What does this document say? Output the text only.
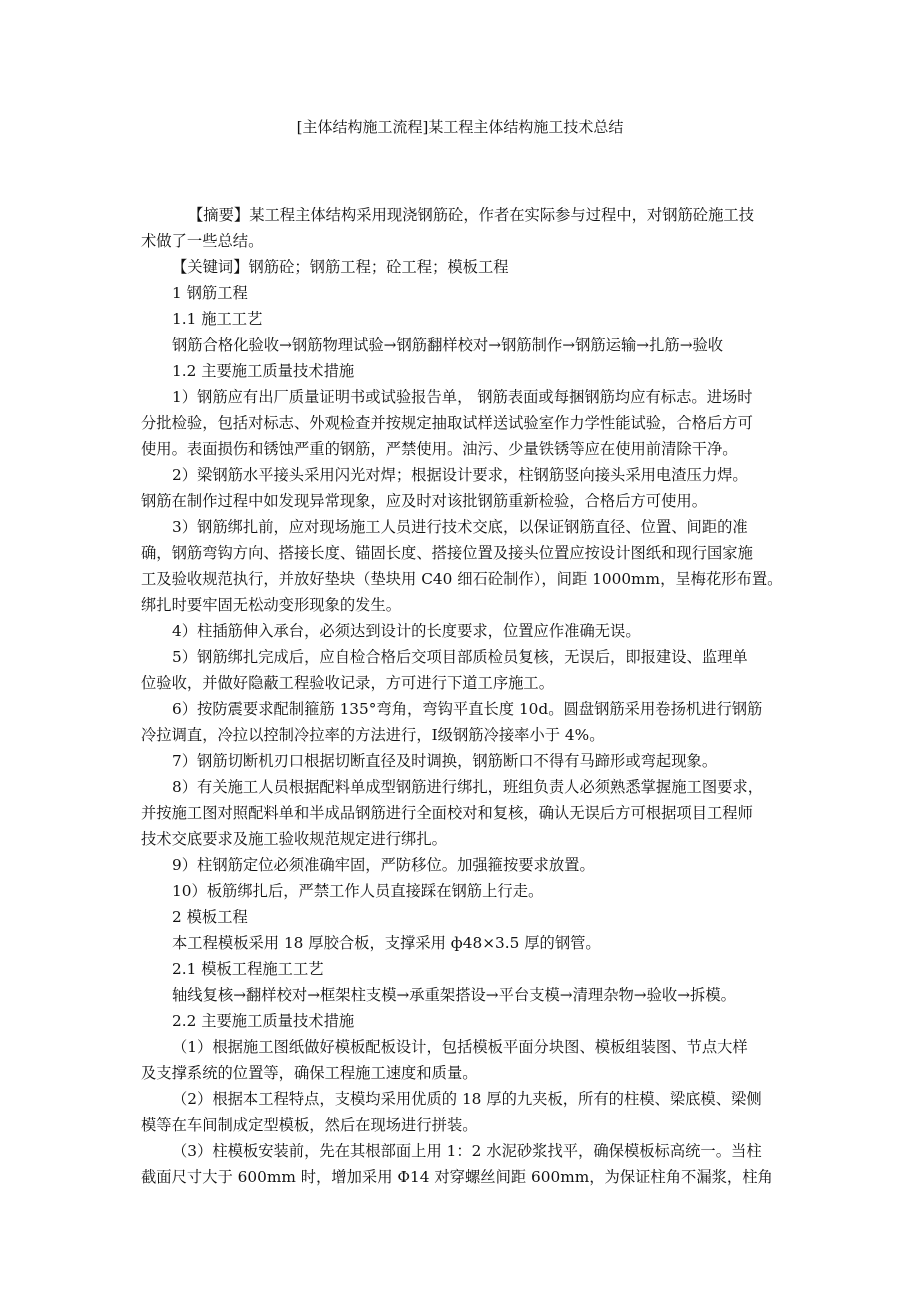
[主体结构施工流程]某工程主体结构施工技术总结
【摘要】某工程主体结构采用现浇钢筋砼，作者在实际参与过程中，对钢筋砼施工技
术做了一些总结。
【关键词】钢筋砼；钢筋工程；砼工程；模板工程
1 钢筋工程
1.1 施工工艺
钢筋合格化验收→钢筋物理试验→钢筋翻样校对→钢筋制作→钢筋运输→扎筋→验收
1.2 主要施工质量技术措施
1）钢筋应有出厂质量证明书或试验报告单， 钢筋表面或每捆钢筋均应有标志。进场时
分批检验，包括对标志、外观检查并按规定抽取试样送试验室作力学性能试验，合格后方可
使用。表面损伤和锈蚀严重的钢筋，严禁使用。油污、少量铁锈等应在使用前清除干净。
2）梁钢筋水平接头采用闪光对焊；根据设计要求，柱钢筋竖向接头采用电渣压力焊。
钢筋在制作过程中如发现异常现象，应及时对该批钢筋重新检验，合格后方可使用。
3）钢筋绑扎前，应对现场施工人员进行技术交底，以保证钢筋直径、位置、间距的准
确，钢筋弯钩方向、搭接长度、锚固长度、搭接位置及接头位置应按设计图纸和现行国家施
工及验收规范执行，并放好垫块（垫块用 C40 细石砼制作），间距 1000mm，呈梅花形布置。
绑扎时要牢固无松动变形现象的发生。
4）柱插筋伸入承台，必须达到设计的长度要求，位置应作准确无误。
5）钢筋绑扎完成后，应自检合格后交项目部质检员复核，无误后，即报建设、监理单
位验收，并做好隐蔽工程验收记录，方可进行下道工序施工。
6）按防震要求配制箍筋 135°弯角，弯钩平直长度 10d。圆盘钢筋采用卷扬机进行钢筋
冷拉调直，冷拉以控制冷拉率的方法进行，Ⅰ级钢筋冷接率小于 4%。
7）钢筋切断机刃口根据切断直径及时调换，钢筋断口不得有马蹄形或弯起现象。
8）有关施工人员根据配料单成型钢筋进行绑扎，班组负责人必须熟悉掌握施工图要求，
并按施工图对照配料单和半成品钢筋进行全面校对和复核，确认无误后方可根据项目工程师
技术交底要求及施工验收规范规定进行绑扎。
9）柱钢筋定位必须准确牢固，严防移位。加强箍按要求放置。
10）板筋绑扎后，严禁工作人员直接踩在钢筋上行走。
2 模板工程
本工程模板采用 18 厚胶合板，支撑采用 ф48×3.5 厚的钢管。
2.1 模板工程施工工艺
轴线复核→翻样校对→框架柱支模→承重架搭设→平台支模→清理杂物→验收→拆模。
2.2 主要施工质量技术措施
（1）根据施工图纸做好模板配板设计，包括模板平面分块图、模板组装图、节点大样
及支撑系统的位置等，确保工程施工速度和质量。
（2）根据本工程特点，支模均采用优质的 18 厚的九夹板，所有的柱模、梁底模、梁侧
模等在车间制成定型模板，然后在现场进行拼装。
（3）柱模板安装前，先在其根部面上用 1：2 水泥砂浆找平，确保模板标高统一。当柱
截面尺寸大于 600mm 时，增加采用 Ф14 对穿螺丝间距 600mm，为保证柱角不漏浆，柱角
